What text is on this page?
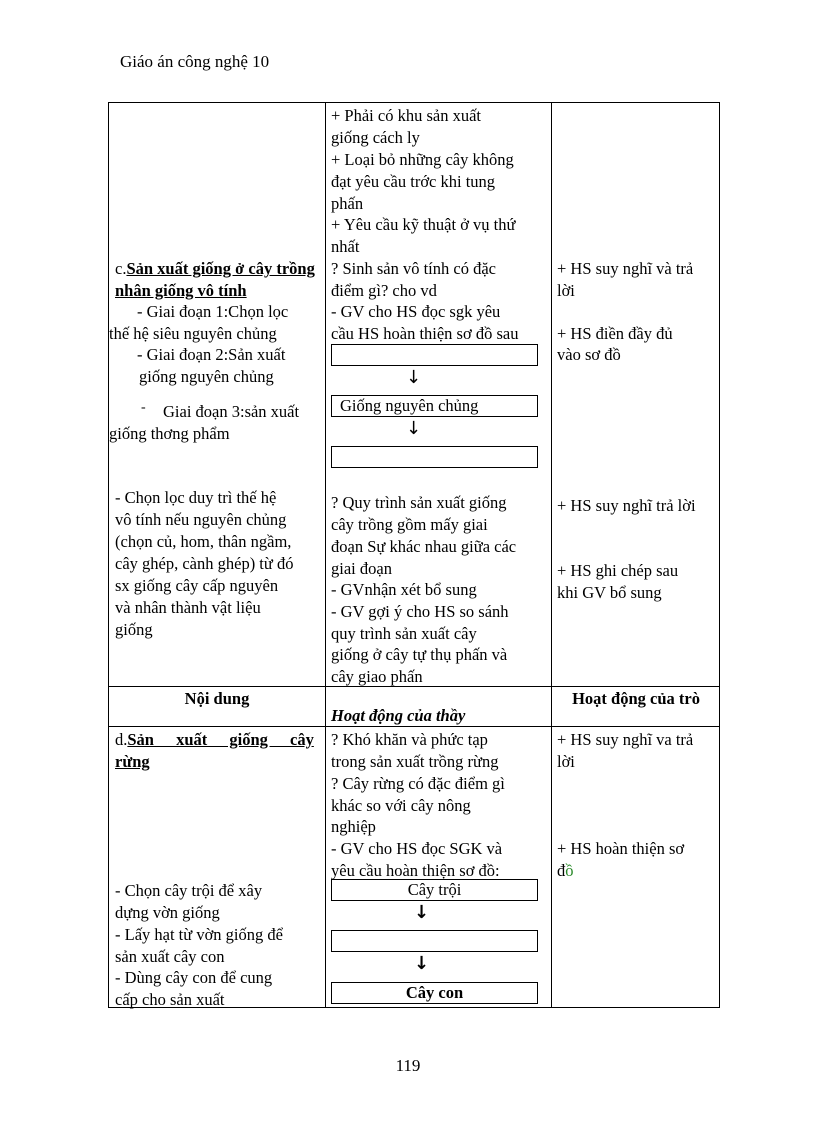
Giáo án công nghệ 10
c.Sản xuất giống ở cây trồng nhân giống vô tính
- Giai đoạn 1:Chọn lọc
thế hệ siêu nguyên chủng
- Giai đoạn 2:Sản xuất
giống nguyên chủng
- Giai đoạn 3:sản xuất
giống thơng phẩm
- Chọn lọc duy trì thế hệ
vô tính nếu nguyên chủng
(chọn củ, hom, thân ngầm,
cây ghép, cành ghép) từ đó
sx giống cây cấp nguyên
và nhân thành vật liệu
giống
+ Phải có khu sản xuất
giống cách ly
+ Loại bỏ những cây không
đạt yêu cầu trớc khi tung
phấn
+ Yêu cầu kỹ thuật ở vụ thứ
nhất
? Sinh sản vô tính có đặc
điểm gì? cho vd
- GV cho HS đọc sgk yêu
cầu HS hoàn thiện sơ đồ sau
↓
Giống nguyên chủng
↓
? Quy trình sản xuất giống
cây trồng gồm mấy giai
đoạn Sự khác nhau giữa các
giai đoạn
- GVnhận xét bổ sung
- GV gợi ý cho HS so sánh
quy trình sản xuất cây
giống ở cây tự thụ phấn và
cây giao phấn
+ HS suy nghĩ và trả
lời
+ HS điền đầy đủ
vào sơ đồ
+ HS suy nghĩ trả lời
+ HS ghi chép sau
khi GV bổ sung
Nội dung
Hoạt động của thầy
Hoạt động của trò
d.Sản xuất giống cây
rừng
- Chọn cây trội để xây
dựng vờn giống
- Lấy hạt từ vờn giống để
sản xuất cây con
- Dùng cây con để cung
cấp cho sản xuất
? Khó khăn và phức tạp
trong sản xuất trồng rừng
? Cây rừng có đặc điểm gì
khác so với cây nông
nghiệp
- GV cho HS đọc SGK và
yêu cầu hoàn thiện sơ đồ:
Cây trội
↓
↓
Cây con
+ HS suy nghĩ va trả
lời
+ HS hoàn thiện sơ
đồ
119
